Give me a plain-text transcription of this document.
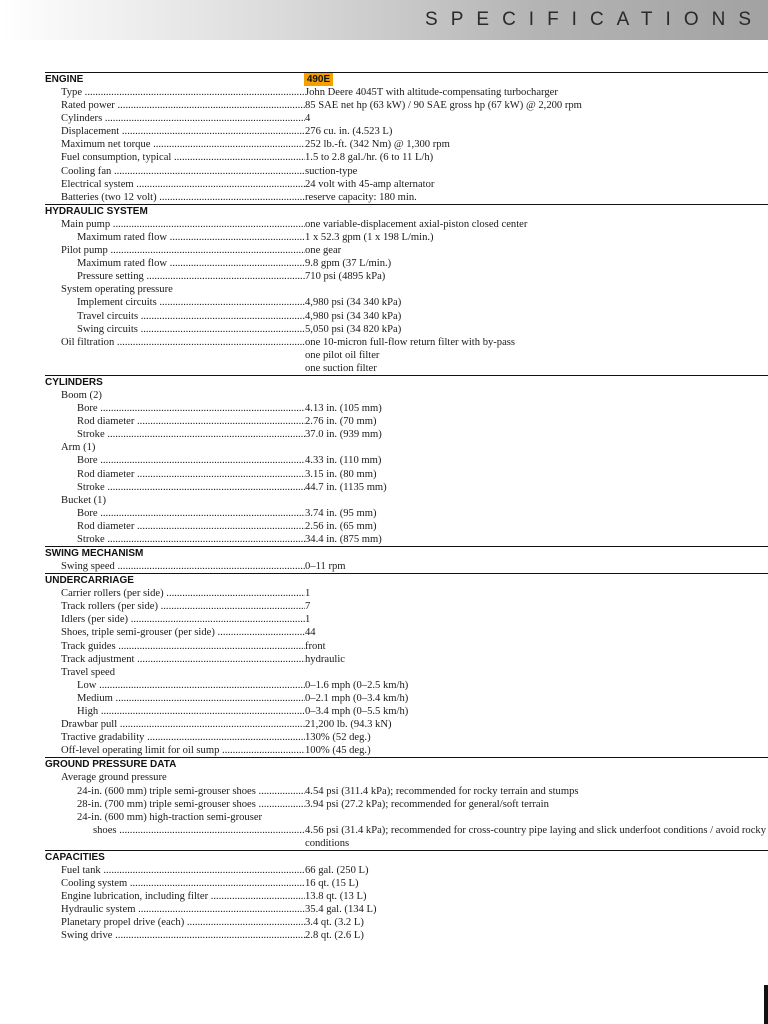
SPECIFICATIONS
ENGINE	490E
Type .....	John Deere 4045T with altitude-compensating turbocharger
Rated power .....	85 SAE net hp (63 kW) / 90 SAE gross hp (67 kW) @ 2,200 rpm
Cylinders .....	4
Displacement .....	276 cu. in. (4.523 L)
Maximum net torque .....	252 lb.-ft. (342 Nm) @ 1,300 rpm
Fuel consumption, typical .....	1.5 to 2.8 gal./hr. (6 to 11 L/h)
Cooling fan .....	suction-type
Electrical system .....	24 volt with 45-amp alternator
Batteries (two 12 volt) .....	reserve capacity: 180 min.
HYDRAULIC SYSTEM
Main pump .....	one variable-displacement axial-piston closed center
Maximum rated flow .....	1 x 52.3 gpm (1 x 198 L/min.)
Pilot pump .....	one gear
Maximum rated flow .....	9.8 gpm (37 L/min.)
Pressure setting .....	710 psi (4895 kPa)
System operating pressure
Implement circuits .....	4,980 psi (34 340 kPa)
Travel circuits .....	4,980 psi (34 340 kPa)
Swing circuits .....	5,050 psi (34 820 kPa)
Oil filtration .....	one 10-micron full-flow return filter with by-pass
one pilot oil filter
one suction filter
CYLINDERS
Boom (2)
Bore .....	4.13 in. (105 mm)
Rod diameter .....	2.76 in. (70 mm)
Stroke .....	37.0 in. (939 mm)
Arm (1)
Bore .....	4.33 in. (110 mm)
Rod diameter .....	3.15 in. (80 mm)
Stroke .....	44.7 in. (1135 mm)
Bucket (1)
Bore .....	3.74 in. (95 mm)
Rod diameter .....	2.56 in. (65 mm)
Stroke .....	34.4 in. (875 mm)
SWING MECHANISM
Swing speed .....	0–11 rpm
UNDERCARRIAGE
Carrier rollers (per side) .....	1
Track rollers (per side) .....	7
Idlers (per side) .....	1
Shoes, triple semi-grouser (per side) .....	44
Track guides .....	front
Track adjustment .....	hydraulic
Travel speed
Low .....	0–1.6 mph (0–2.5 km/h)
Medium .....	0–2.1 mph (0–3.4 km/h)
High .....	0–3.4 mph (0–5.5 km/h)
Drawbar pull .....	21,200 lb. (94.3 kN)
Tractive gradability .....	130% (52 deg.)
Off-level operating limit for oil sump .....	100% (45 deg.)
GROUND PRESSURE DATA
Average ground pressure
24-in. (600 mm) triple semi-grouser shoes .....	4.54 psi (311.4 kPa); recommended for rocky terrain and stumps
28-in. (700 mm) triple semi-grouser shoes .....	3.94 psi (27.2 kPa); recommended for general/soft terrain
24-in. (600 mm) high-traction semi-grouser
shoes .....	4.56 psi (31.4 kPa); recommended for cross-country pipe laying and slick underfoot conditions / avoid rocky conditions
CAPACITIES
Fuel tank .....	66 gal. (250 L)
Cooling system .....	16 qt. (15 L)
Engine lubrication, including filter .....	13.8 qt. (13 L)
Hydraulic system .....	35.4 gal. (134 L)
Planetary propel drive (each) .....	3.4 qt. (3.2 L)
Swing drive .....	2.8 qt. (2.6 L)
